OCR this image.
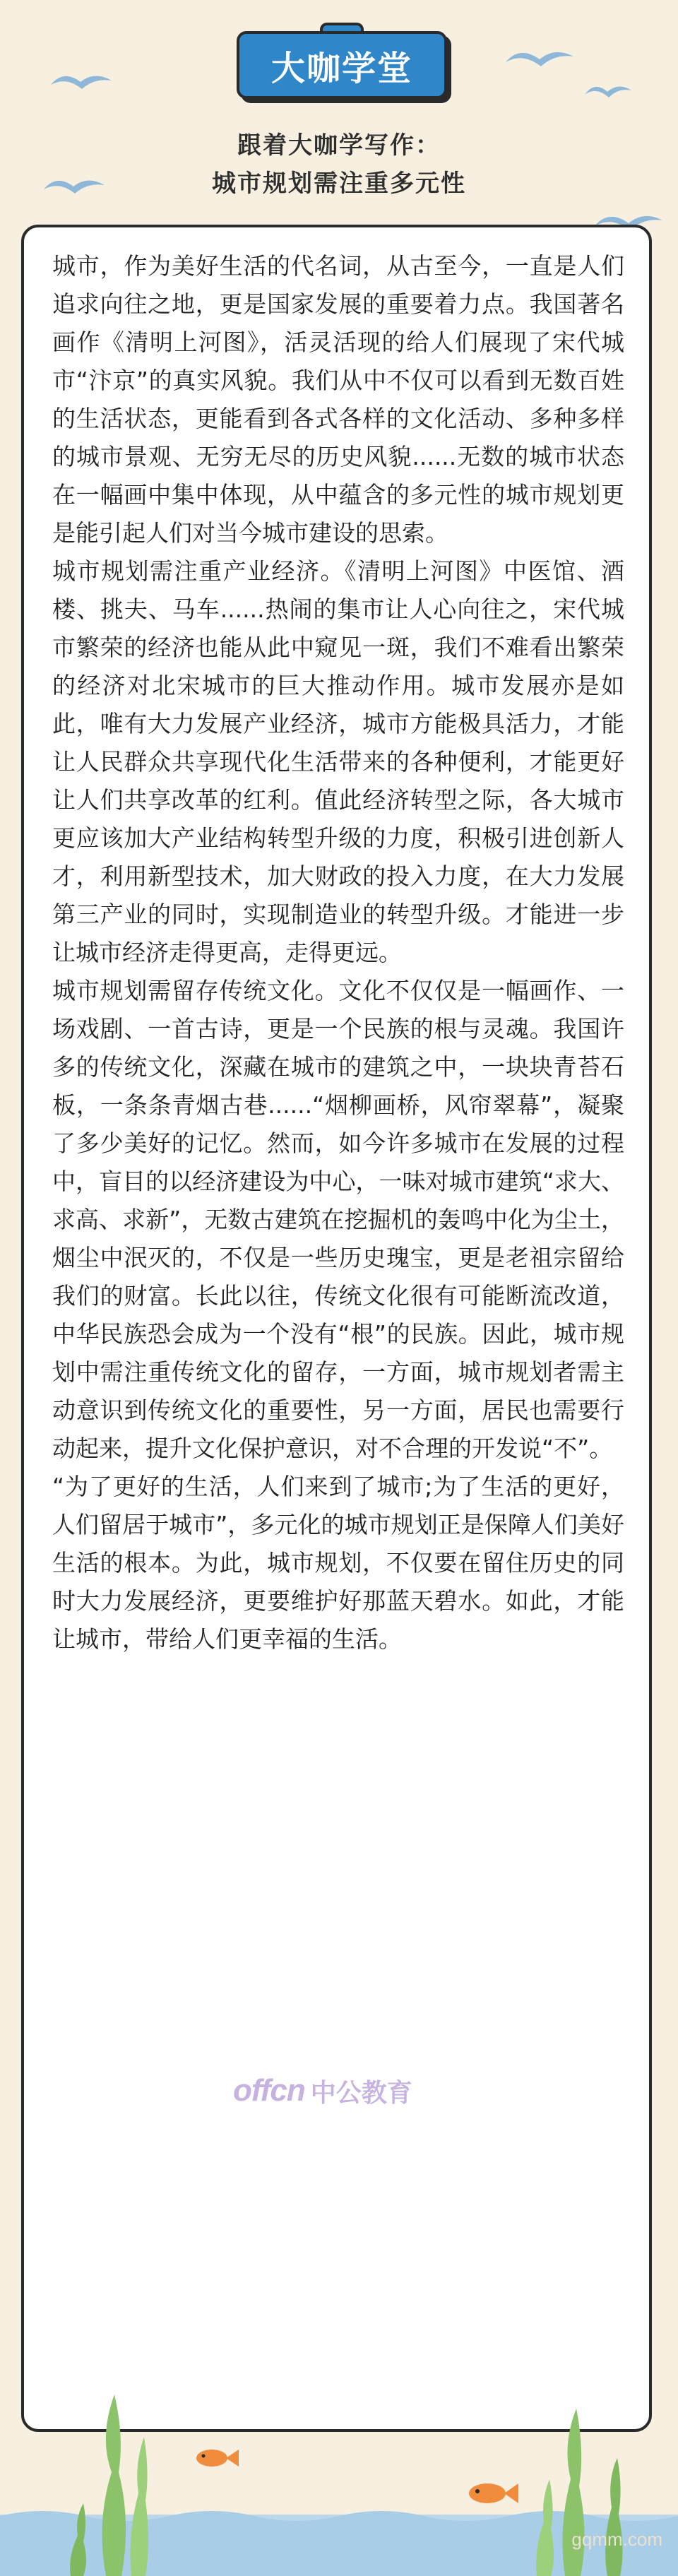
大咖学堂
跟着大咖学写作：
城市规划需注重多元性

城市，作为美好生活的代名词，从古至今，一直是人们追求向往之地，更是国家发展的重要着力点。我国著名画作《清明上河图》，活灵活现的给人们展现了宋代城市“汴京”的真实风貌。我们从中不仅可以看到无数百姓的生活状态，更能看到各式各样的文化活动、多种多样的城市景观、无穷无尽的历史风貌......无数的城市状态在一幅画中集中体现，从中蕴含的多元性的城市规划更是能引起人们对当今城市建设的思索。

城市规划需注重产业经济。《清明上河图》中医馆、酒楼、挑夫、马车......热闹的集市让人心向往之，宋代城市繁荣的经济也能从此中窥见一斑，我们不难看出繁荣的经济对北宋城市的巨大推动作用。城市发展亦是如此，唯有大力发展产业经济，城市方能极具活力，才能让人民群众共享现代化生活带来的各种便利，才能更好让人们共享改革的红利。值此经济转型之际，各大城市更应该加大产业结构转型升级的力度，积极引进创新人才，利用新型技术，加大财政的投入力度，在大力发展第三产业的同时，实现制造业的转型升级。才能进一步让城市经济走得更高，走得更远。

城市规划需留存传统文化。文化不仅仅是一幅画作、一场戏剧、一首古诗，更是一个民族的根与灵魂。我国许多的传统文化，深藏在城市的建筑之中，一块块青苔石板，一条条青烟古巷......“烟柳画桥，风帘翠幕”，凝聚了多少美好的记忆。然而，如今许多城市在发展的过程中，盲目的以经济建设为中心，一味对城市建筑“求大、求高、求新”，无数古建筑在挖掘机的轰鸣中化为尘土，烟尘中泯灭的，不仅是一些历史瑰宝，更是老祖宗留给我们的财富。长此以往，传统文化很有可能断流改道，中华民族恐会成为一个没有“根”的民族。因此，城市规划中需注重传统文化的留存，一方面，城市规划者需主动意识到传统文化的重要性，另一方面，居民也需要行动起来，提升文化保护意识，对不合理的开发说“不”。

“为了更好的生活，人们来到了城市;为了生活的更好，人们留居于城市”，多元化的城市规划正是保障人们美好生活的根本。为此，城市规划，不仅要在留住历史的同时大力发展经济，更要维护好那蓝天碧水。如此，才能让城市，带给人们更幸福的生活。

offcn 中公教育
gqmm.com
